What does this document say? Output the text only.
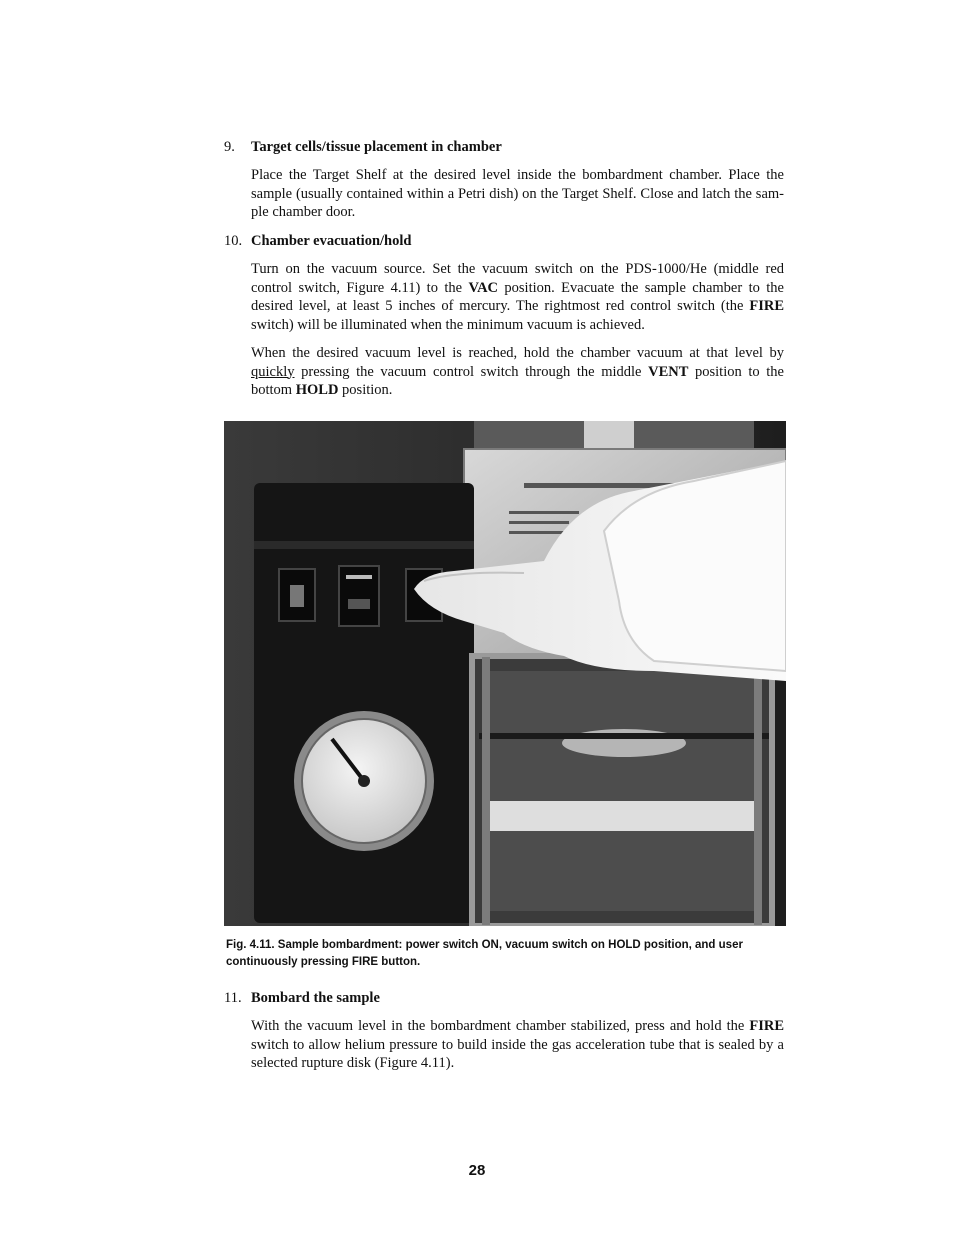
9. Target cells/tissue placement in chamber

Place the Target Shelf at the desired level inside the bombardment chamber. Place the sample (usually contained within a Petri dish) on the Target Shelf. Close and latch the sam-ple chamber door.

10. Chamber evacuation/hold

Turn on the vacuum source. Set the vacuum switch on the PDS-1000/He (middle red control switch, Figure 4.11) to the VAC position. Evacuate the sample chamber to the desired level, at least 5 inches of mercury. The rightmost red control switch (the FIRE switch) will be illuminated when the minimum vacuum is achieved.

When the desired vacuum level is reached, hold the chamber vacuum at that level by quickly pressing the vacuum control switch through the middle VENT position to the bottom HOLD position.

Fig. 4.11. Sample bombardment: power switch ON, vacuum switch on HOLD position, and user continuously pressing FIRE button.

11. Bombard the sample

With the vacuum level in the bombardment chamber stabilized, press and hold the FIRE switch to allow helium pressure to build inside the gas acceleration tube that is sealed by a selected rupture disk (Figure 4.11).

28
